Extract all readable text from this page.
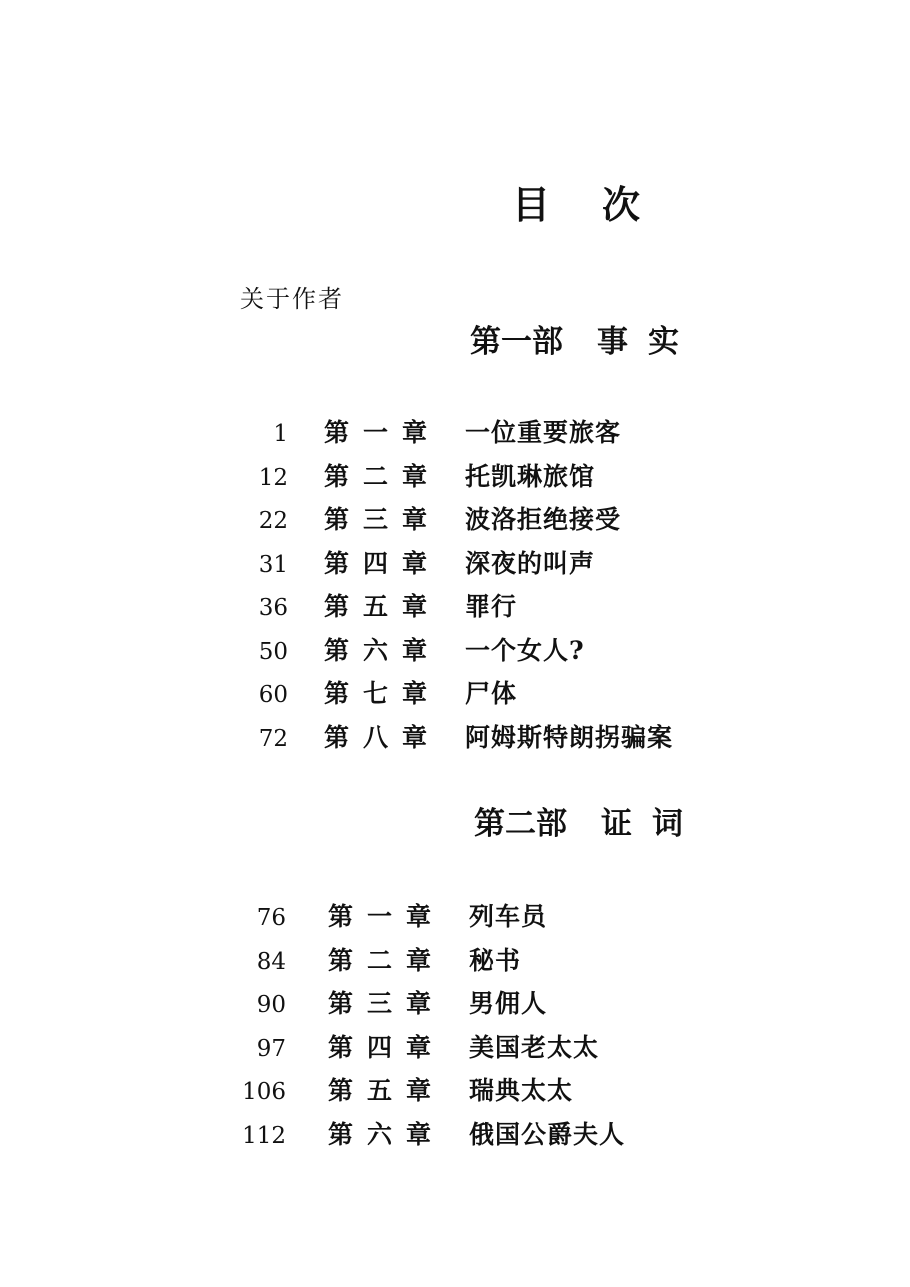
目次
关于作者
第一部 事实
1 第一章 一位重要旅客
12 第二章 托凯琳旅馆
22 第三章 波洛拒绝接受
31 第四章 深夜的叫声
36 第五章 罪行
50 第六章 一个女人?
60 第七章 尸体
72 第八章 阿姆斯特朗拐骗案
第二部 证词
76 第一章 列车员
84 第二章 秘书
90 第三章 男佣人
97 第四章 美国老太太
106 第五章 瑞典太太
112 第六章 俄国公爵夫人
